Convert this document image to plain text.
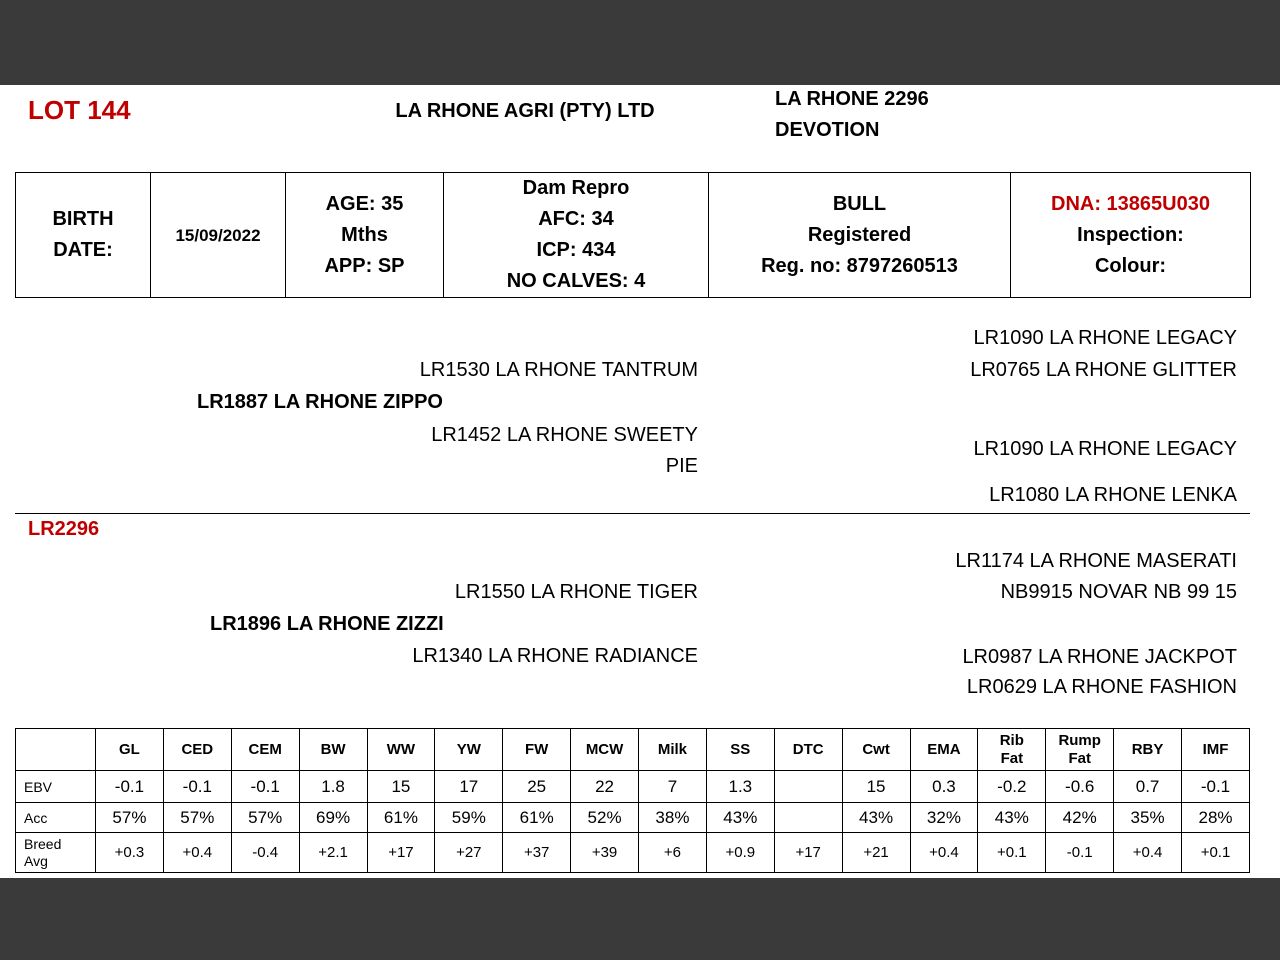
LOT 144	LA RHONE AGRI (PTY) LTD
LA RHONE 2296
DEVOTION
BIRTH DATE:

15/09/2022

AGE: 35 Mths
APP: SP

Dam Repro
AFC: 34
ICP: 434
NO CALVES: 4

BULL
Registered
Reg. no: 8797260513

DNA: 13865U030
Inspection:
Colour:
LR1090 LA RHONE LEGACY
LR1530 LA RHONE TANTRUM	LR0765 LA RHONE GLITTER
LR1887 LA RHONE ZIPPO
LR1452 LA RHONE SWEETY PIE
LR1090 LA RHONE LEGACY
LR1080 LA RHONE LENKA
LR2296
LR1174 LA RHONE MASERATI
LR1550 LA RHONE TIGER	NB9915 NOVAR NB 99 15
LR1896 LA RHONE ZIZZI
LR1340 LA RHONE RADIANCE	LR0987 LA RHONE JACKPOT
LR0629 LA RHONE FASHION

	GL	CED	CEM	BW	WW	YW	FW	MCW	Milk	SS	DTC	Cwt	EMA	Rib Fat	Rump Fat	RBY	IMF

EBV	-0.1	-0.1	-0.1	1.8	15	17	25	22	7	1.3		15	0.3	-0.2	-0.6	0.7	-0.1

Acc	57%	57%	57%	69%	61%	59%	61%	52%	38%	43%		43%	32%	43%	42%	35%	28%

Breed Avg	+0.3	+0.4	-0.4	+2.1	+17	+27	+37	+39	+6	+0.9	+17	+21	+0.4	+0.1	-0.1	+0.4	+0.1
